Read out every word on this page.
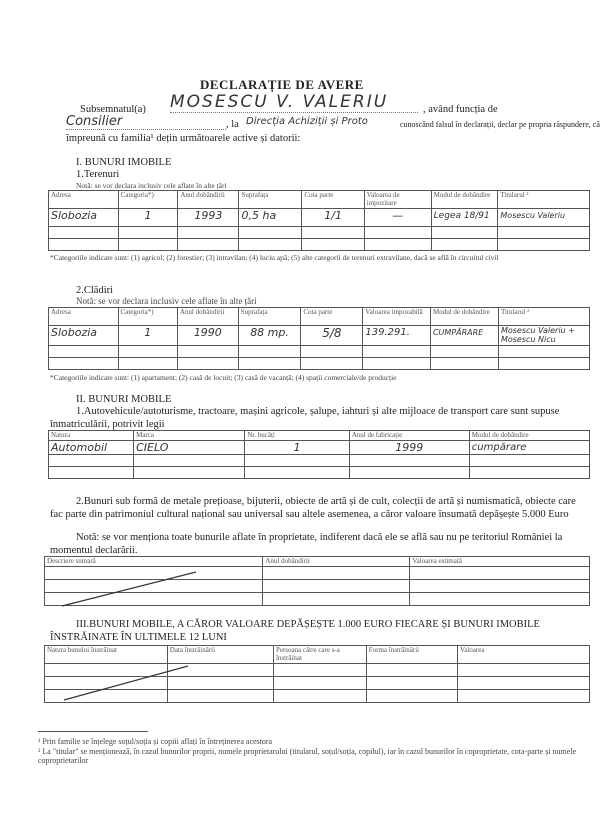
DECLARAȚIE DE AVERE
Subsemnatul(a) MOSESCU V. VALERIU	, având funcția de
Consilier	, la Direcția Achiziții și Proto	cunoscând falsul în declarații, declar pe propria răspundere, că
împreună cu familia¹ dețin următoarele active și datorii:
I. BUNURI IMOBILE
1.Terenuri
Notă: se vor declara inclusiv cele aflate în alte țări
Adresa	Categoria*)	Anul dobândirii	Suprafața	Cota parte	Valoarea de impozitare	Modul de dobândire	Titularul ²
Slobozia	1	1993	0,5 ha	1/1	—	Legea 18/91	Mosescu Valeriu

*Categoriile indicate sunt: (1) agricol; (2) forestier; (3) intravilan; (4) luciu apă; (5) alte categorii de terenuri extravilane, dacă se află în circuitul civil
2.Clădiri
Notă: se vor declara inclusiv cele aflate în alte țări
Adresa	Categoria*)	Anul dobândirii	Suprafața	Cota parte	Valoarea impozabilă	Modul de dobândire	Titularul ²
Slobozia	1	1990	88 mp.	5/8	139.291.	CUMPĂRARE	Mosescu Valeriu + Mosescu Nicu

*Categoriile indicate sunt: (1) apartament; (2) casă de locuit; (3) casă de vacanță; (4) spații comerciale/de producție
II. BUNURI MOBILE
1.Autovehicule/autoturisme, tractoare, mașini agricole, șalupe, iahturi și alte mijloace de transport care sunt supuse înmatriculării, potrivit legii
Natura	Marca	Nr. bucăți	Anul de fabricație	Modul de dobândire
Automobil	CIELO	1	1999	cumpărare

2.Bunuri sub formă de metale prețioase, bijuterii, obiecte de artă și de cult, colecții de artă și numismatică, obiecte care fac parte din patrimoniul cultural național sau universal sau altele asemenea, a căror valoare însumată depășește 5.000 Euro
Notă: se vor menționa toate bunurile aflate în proprietate, indiferent dacă ele se află sau nu pe teritoriul României la momentul declarării.
Descriere sumară	Anul dobândirii	Valoarea estimată

III.BUNURI MOBILE, A CĂROR VALOARE DEPĂȘEȘTE 1.000 EURO FIECARE ȘI BUNURI IMOBILE ÎNSTRĂINATE ÎN ULTIMELE 12 LUNI
Natura bunului înstrăinat	Data înstrăinării	Persoana către care s-a înstrăinat	Forma înstrăinării	Valoarea

¹ Prin familie se înțelege soțul/soția și copiii aflați în întreținerea acestora
² La "titular" se menționează, în cazul bunurilor proprii, numele proprietarului (titularul, soțul/soția, copilul), iar în cazul bunurilor în coproprietate, cota-parte și numele coproprietarilor
